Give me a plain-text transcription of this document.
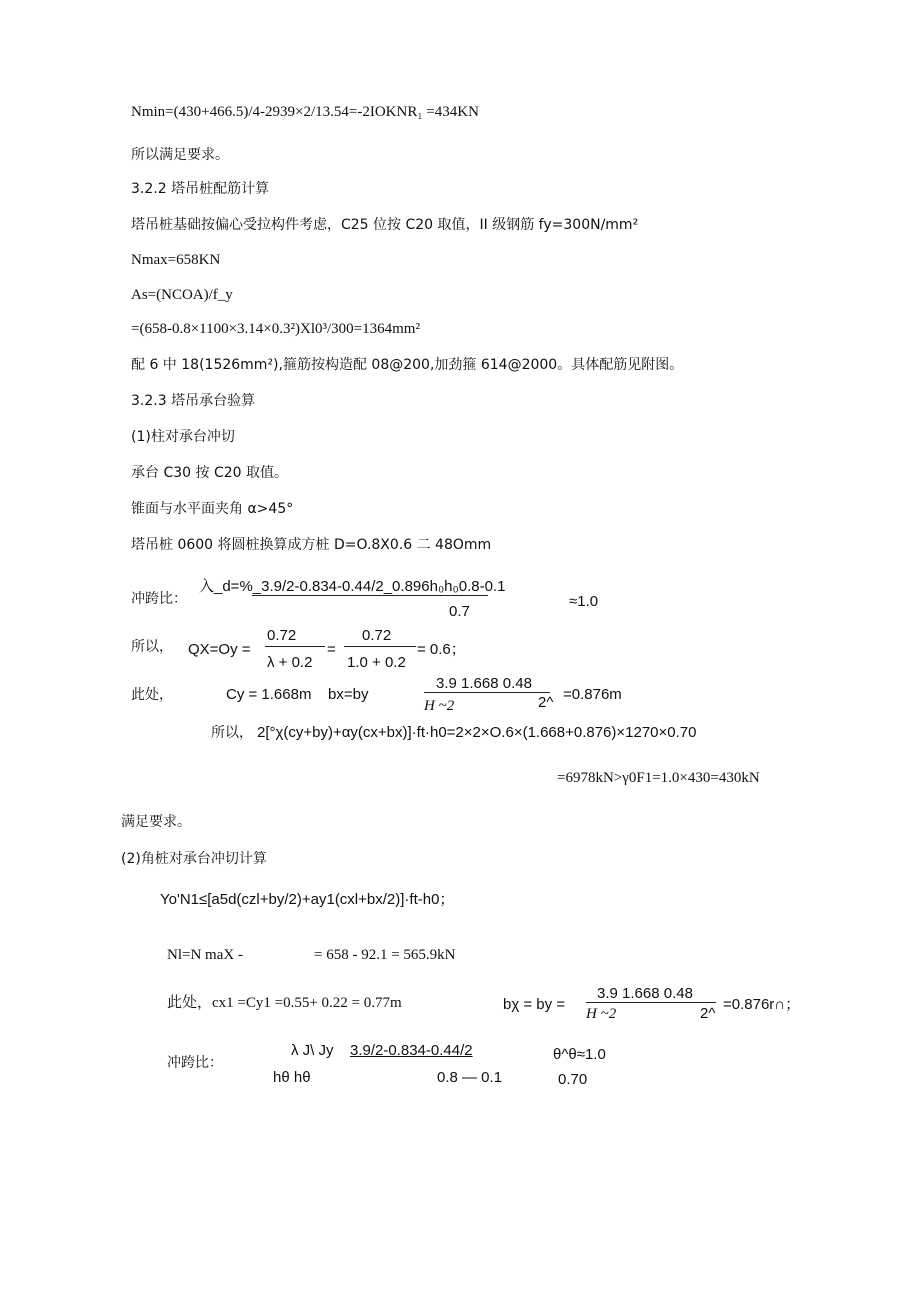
Nmin=(430+466.5)/4-2939×2/13.54=-2IOKNR₁ =434KN
所以满足要求。
3.2.2 塔吊桩配筋计算
塔吊桩基础按偏心受拉构件考虑，C25 位按 C20 取值，II 级钢筋 fy=300N/mm²
Nmax=658KN
As=(NCOA)/f_y
=(658-0.8×1100×3.14×0.3²)Xl0³/300=1364mm²
配 6 中 18(1526mm²),箍筋按构造配 08@200,加劲箍 614@2000。具体配筋见附图。
3.2.3 塔吊承台验算
(1)柱对承台冲切
承台 C30 按 C20 取值。
锥面与水平面夹角 α>45°
塔吊桩 0600 将圆桩换算成方桩 D=O.8X0.6 二 48Omm
冲跨比：
入_d=%_3.9/2-0.834-0.44/2_0.896h₀h₀0.8-0.1
0.7
≈1.0
所以， QX=Oy =
0.72
λ + 0.2
=
0.72
1.0 + 0.2
= 0.6；
此处，	Cy = 1.668m bx=by
3.9 1.668 0.48
H ~2	2^ =0.876m
所以， 2[°χ(cy+by)+αy(cx+bx)]·ft·h0=2×2×O.6×(1.668+0.876)×1270×0.70
=6978kN>γ0F1=1.0×430=430kN
满足要求。
(2)角桩对承台冲切计算
Yo'N1≤[a5d(czl+by/2)+ay1(cxl+bx/2)]·ft-h0；
Nl=N maX -	= 658 - 92.1 = 565.9kN
此处，cx1 =Cy1 =0.55+ 0.22 = 0.77m	bχ = by =
3.9 1.668 0.48
H ~2	2^
=0.876r∩；
冲跨比：
λ J\ Jy 3.9/2-0.834-0.44/2
hθ hθ	0.8 — 0.1
θ^θ≈1.0
0.70
